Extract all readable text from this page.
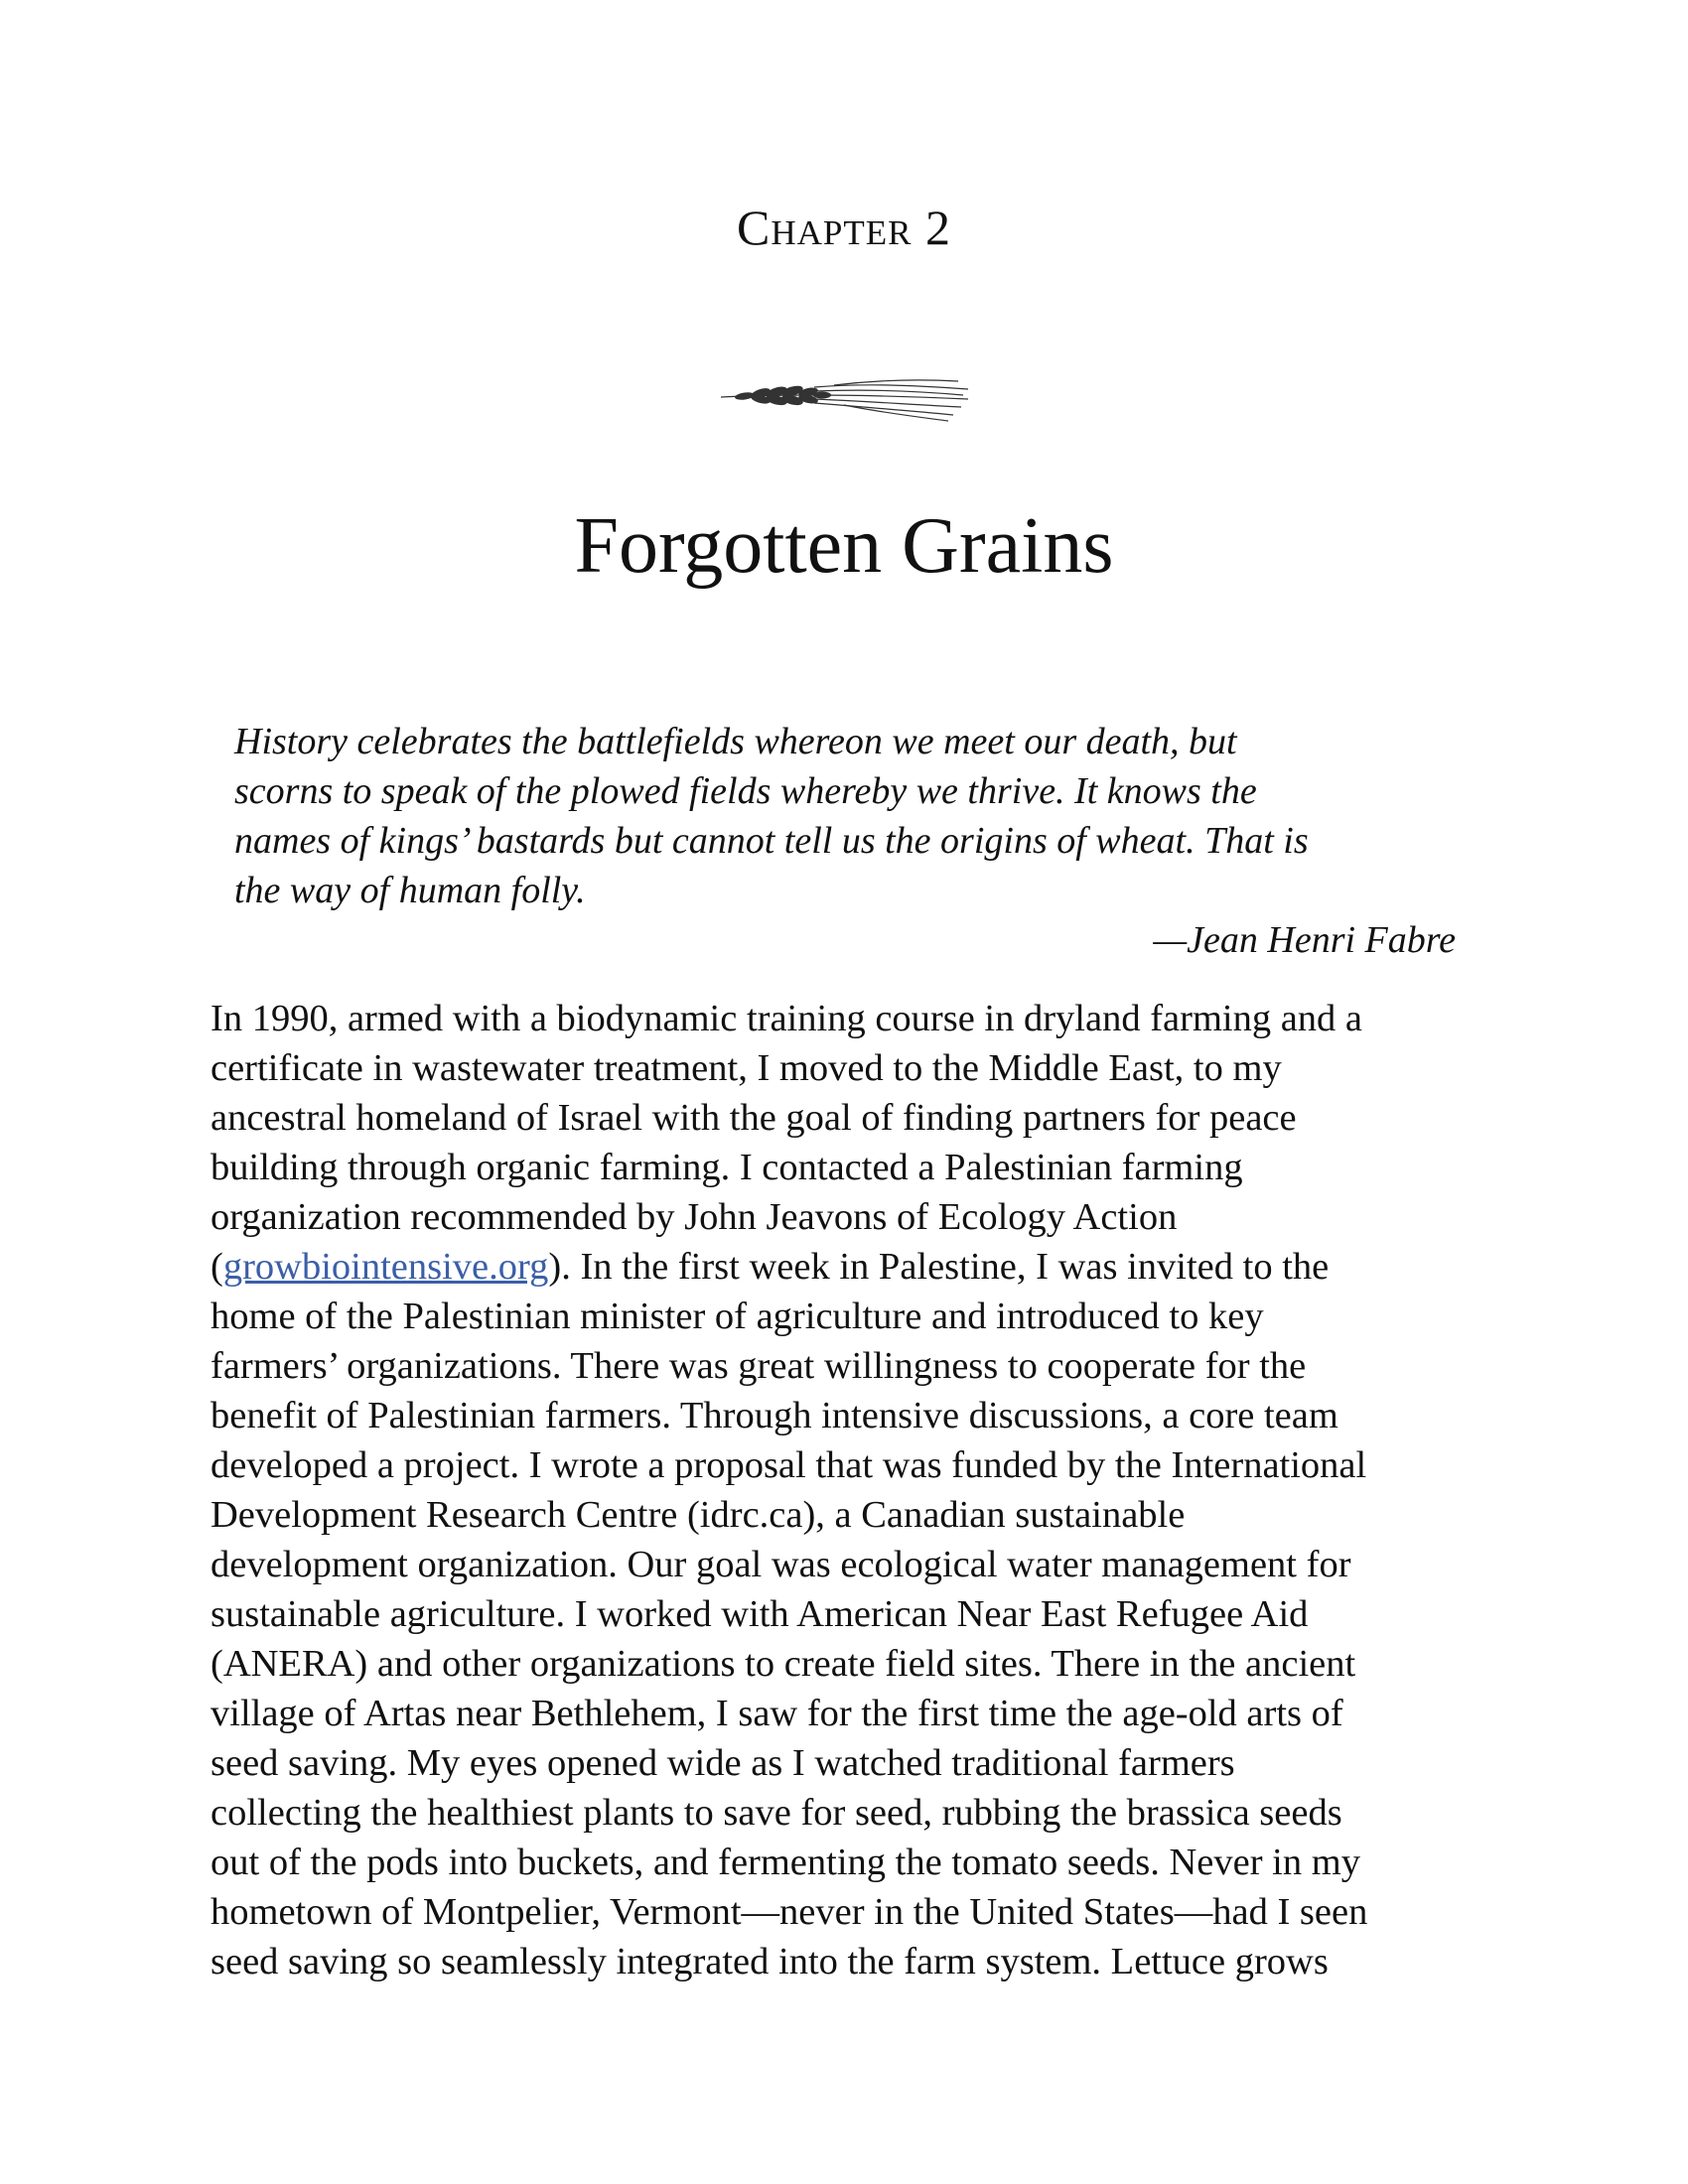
Chapter 2
Forgotten Grains

History celebrates the battlefields whereon we meet our death, but
scorns to speak of the plowed fields whereby we thrive. It knows the
names of kings’ bastards but cannot tell us the origins of wheat. That is
the way of human folly.

—Jean Henri Fabre

In 1990, armed with a biodynamic training course in dryland farming and a
certificate in wastewater treatment, I moved to the Middle East, to my
ancestral homeland of Israel with the goal of finding partners for peace
building through organic farming. I contacted a Palestinian farming
organization recommended by John Jeavons of Ecology Action
(growbiointensive.org). In the first week in Palestine, I was invited to the
home of the Palestinian minister of agriculture and introduced to key
farmers’ organizations. There was great willingness to cooperate for the
benefit of Palestinian farmers. Through intensive discussions, a core team
developed a project. I wrote a proposal that was funded by the International
Development Research Centre (idrc.ca), a Canadian sustainable
development organization. Our goal was ecological water management for
sustainable agriculture. I worked with American Near East Refugee Aid
(ANERA) and other organizations to create field sites. There in the ancient
village of Artas near Bethlehem, I saw for the first time the age-old arts of
seed saving. My eyes opened wide as I watched traditional farmers
collecting the healthiest plants to save for seed, rubbing the brassica seeds
out of the pods into buckets, and fermenting the tomato seeds. Never in my
hometown of Montpelier, Vermont—never in the United States—had I seen
seed saving so seamlessly integrated into the farm system. Lettuce grows
